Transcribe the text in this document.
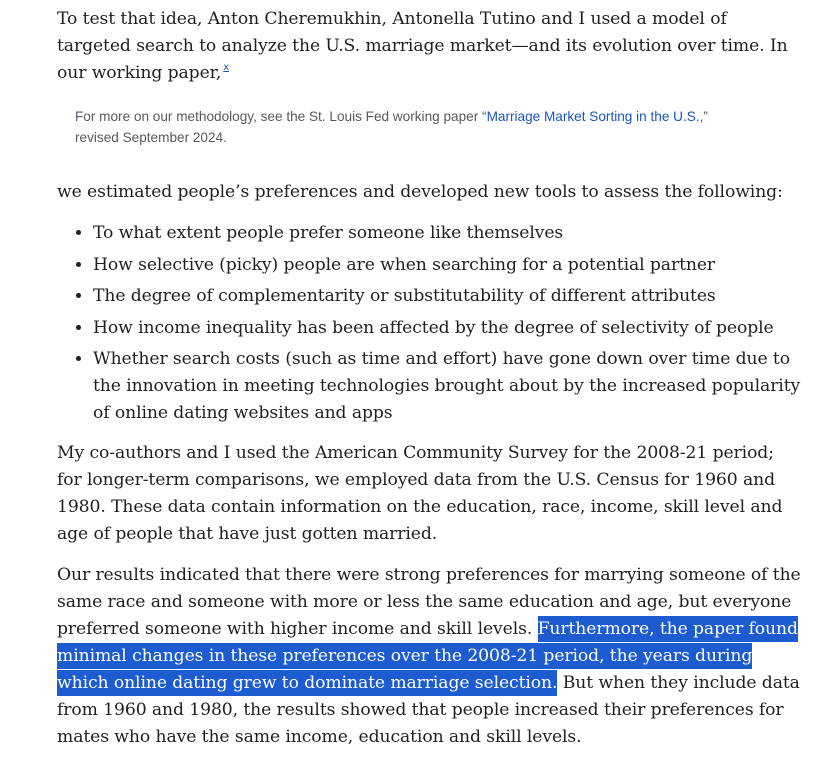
To test that idea, Anton Cheremukhin, Antonella Tutino and I used a model of targeted search to analyze the U.S. marriage market—and its evolution over time. In our working paper, $^x$

For more on our methodology, see the St. Louis Fed working paper “Marriage Market Sorting in the U.S.,” revised September 2024.

we estimated people’s preferences and developed new tools to assess the following:

• To what extent people prefer someone like themselves
• How selective (picky) people are when searching for a potential partner
• The degree of complementarity or substitutability of different attributes
• How income inequality has been affected by the degree of selectivity of people
• Whether search costs (such as time and effort) have gone down over time due to the innovation in meeting technologies brought about by the increased popularity of online dating websites and apps

My co-authors and I used the American Community Survey for the 2008-21 period; for longer-term comparisons, we employed data from the U.S. Census for 1960 and 1980. These data contain information on the education, race, income, skill level and age of people that have just gotten married.

Our results indicated that there were strong preferences for marrying someone of the same race and someone with more or less the same education and age, but everyone preferred someone with higher income and skill levels. Furthermore, the paper found minimal changes in these preferences over the 2008-21 period, the years during which online dating grew to dominate marriage selection. But when they include data from 1960 and 1980, the results showed that people increased their preferences for mates who have the same income, education and skill levels.
